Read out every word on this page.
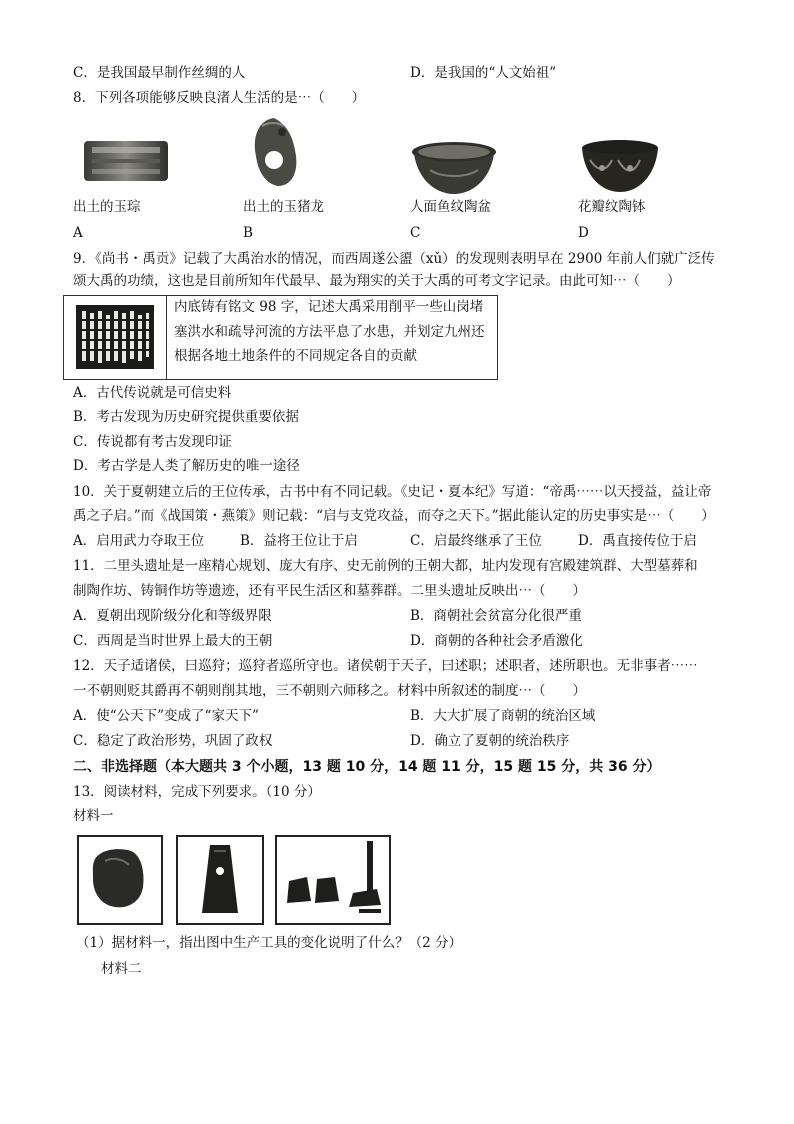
C．是我国最早制作丝绸的人	D．是我国的“人文始祖”
8．下列各项能够反映良渚人生活的是⋯（　　）
出土的玉琮	出土的玉猪龙	人面鱼纹陶盆	花瓣纹陶钵
A	B	C	D
9．《尚书・禹贡》记载了大禹治水的情况，而西周遂公盨（xǔ）的发现则表明早在 2900 年前人们就广泛传
颂大禹的功绩，这也是目前所知年代最早、最为翔实的关于大禹的可考文字记录。由此可知⋯（　　）
内底铸有铭文 98 字，记述大禹采用削平一些山岗堵
塞洪水和疏导河流的方法平息了水患，并划定九州还
根据各地土地条件的不同规定各自的贡献
A．古代传说就是可信史料
B．考古发现为历史研究提供重要依据
C．传说都有考古发现印证
D．考古学是人类了解历史的唯一途径
10．关于夏朝建立后的王位传承，古书中有不同记载。《史记・夏本纪》写道：“帝禹⋯⋯以天授益，益让帝
禹之子启。”而《战国策・燕策》则记载：“启与支党攻益，而夺之天下。”据此能认定的历史事实是⋯（　　）
A．启用武力夺取王位	B．益将王位让于启	C．启最终继承了王位	D．禹直接传位于启
11．二里头遗址是一座精心规划、庞大有序、史无前例的王朝大都，址内发现有宫殿建筑群、大型墓葬和
制陶作坊、铸铜作坊等遗迹，还有平民生活区和墓葬群。二里头遗址反映出⋯（　　）
A．夏朝出现阶级分化和等级界限	B．商朝社会贫富分化很严重
C．西周是当时世界上最大的王朝	D．商朝的各种社会矛盾激化
12．天子适诸侯，曰巡狩；巡狩者巡所守也。诸侯朝于天子，曰述职；述职者，述所职也。无非事者⋯⋯
一不朝则贬其爵再不朝则削其地，三不朝则六师移之。材料中所叙述的制度⋯（　　）
A．使“公天下”变成了“家天下”	B．大大扩展了商朝的统治区域
C．稳定了政治形势，巩固了政权	D．确立了夏朝的统治秩序
二、非选择题（本大题共 3 个小题，13 题 10 分，14 题 11 分，15 题 15 分，共 36 分）
13．阅读材料，完成下列要求。（10 分）
材料一
（1）据材料一，指出图中生产工具的变化说明了什么？（2 分）
材料二
